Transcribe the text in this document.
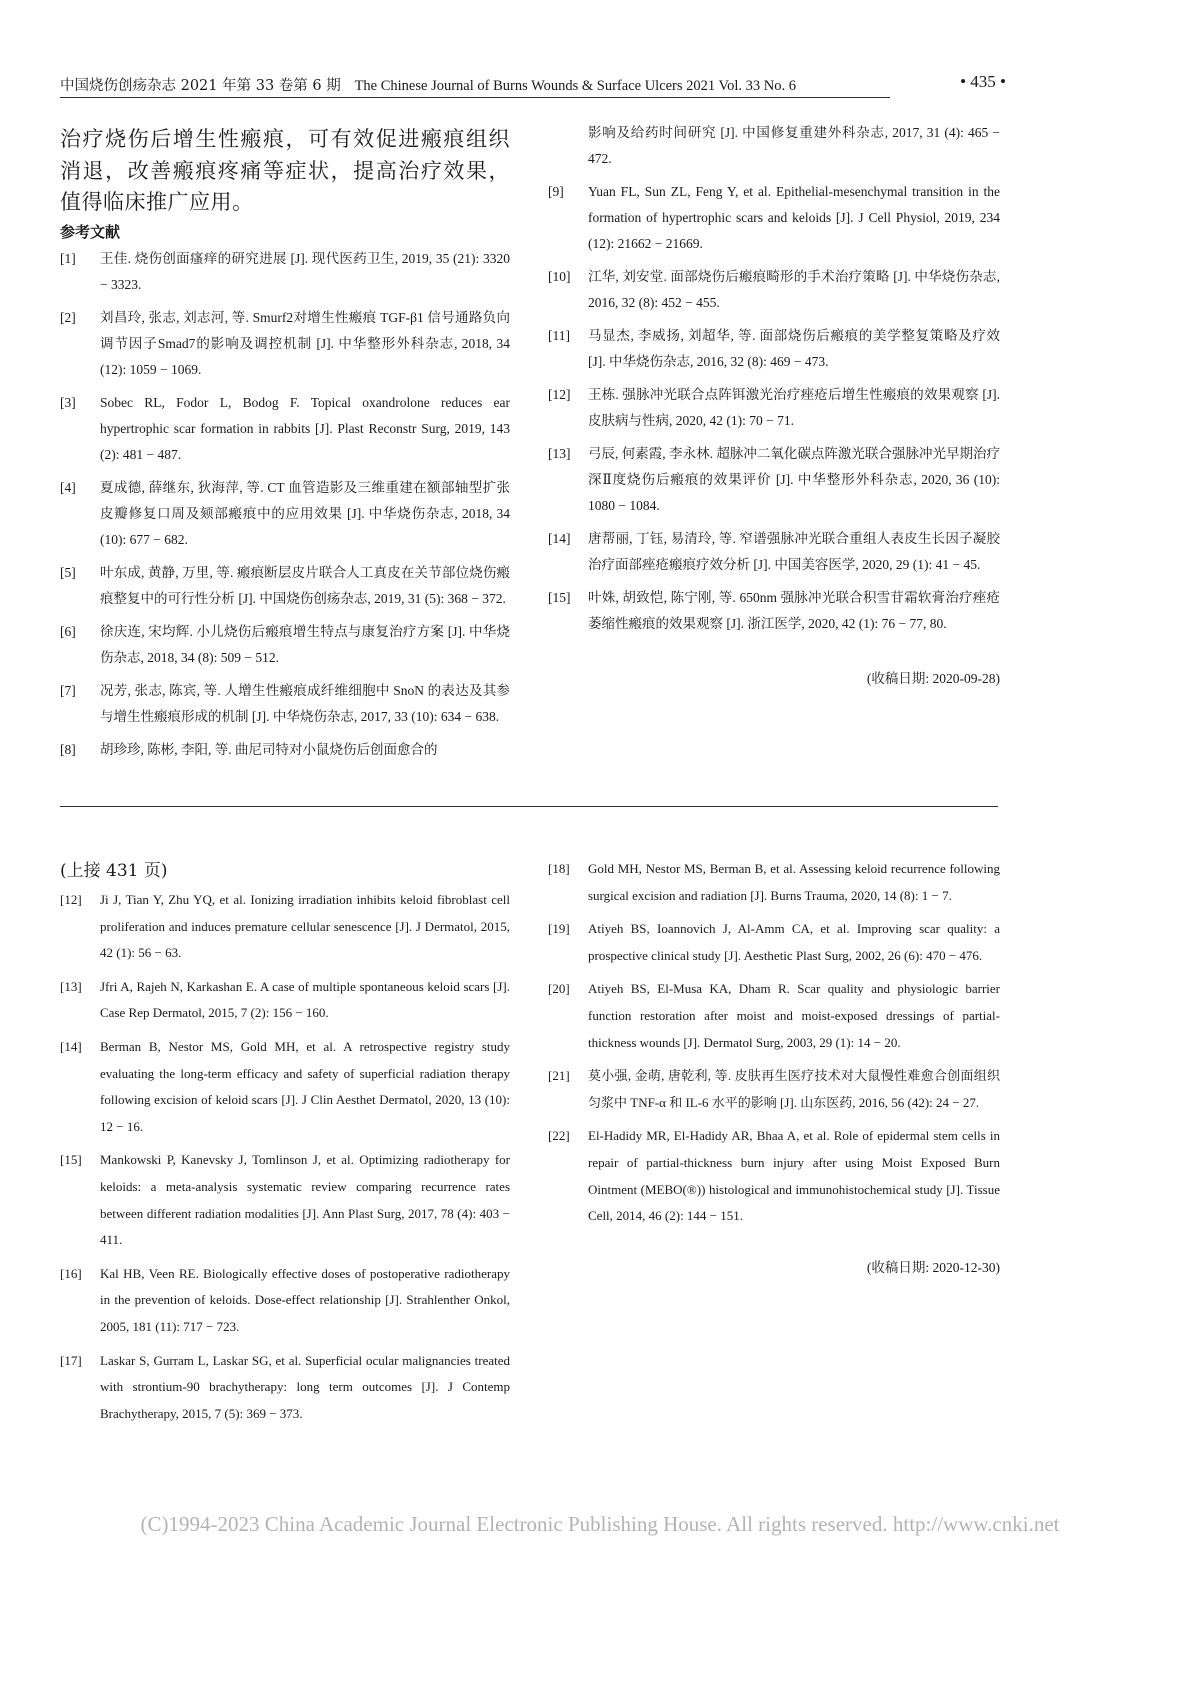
中国烧伤创疡杂志 2021 年第 33 卷第 6 期 The Chinese Journal of Burns Wounds & Surface Ulcers 2021 Vol. 33 No. 6	• 435 •

治疗烧伤后增生性瘢痕，可有效促进瘢痕组织消退，改善瘢痕疼痛等症状，提高治疗效果，值得临床推广应用。

参考文献
[1] 王佳. 烧伤创面瘙痒的研究进展 [J]. 现代医药卫生, 2019, 35 (21): 3320 − 3323.
[2] 刘昌玲, 张志, 刘志河, 等. Smurf2对增生性瘢痕 TGF-β1 信号通路负向调节因子Smad7的影响及调控机制 [J]. 中华整形外科杂志, 2018, 34 (12): 1059 − 1069.
[3] Sobec RL, Fodor L, Bodog F. Topical oxandrolone reduces ear hypertrophic scar formation in rabbits [J]. Plast Reconstr Surg, 2019, 143 (2): 481 − 487.
[4] 夏成德, 薛继东, 狄海萍, 等. CT 血管造影及三维重建在额部轴型扩张皮瓣修复口周及颏部瘢痕中的应用效果 [J]. 中华烧伤杂志, 2018, 34 (10): 677 − 682.
[5] 叶东成, 黄静, 万里, 等. 瘢痕断层皮片联合人工真皮在关节部位烧伤瘢痕整复中的可行性分析 [J]. 中国烧伤创疡杂志, 2019, 31 (5): 368 − 372.
[6] 徐庆连, 宋均辉. 小儿烧伤后瘢痕增生特点与康复治疗方案 [J]. 中华烧伤杂志, 2018, 34 (8): 509 − 512.
[7] 况芳, 张志, 陈宾, 等. 人增生性瘢痕成纤维细胞中 SnoN 的表达及其参与增生性瘢痕形成的机制 [J]. 中华烧伤杂志, 2017, 33 (10): 634 − 638.
[8] 胡珍珍, 陈彬, 李阳, 等. 曲尼司特对小鼠烧伤后创面愈合的
影响及给药时间研究 [J]. 中国修复重建外科杂志, 2017, 31 (4): 465 − 472.
[9] Yuan FL, Sun ZL, Feng Y, et al. Epithelial-mesenchymal transition in the formation of hypertrophic scars and keloids [J]. J Cell Physiol, 2019, 234 (12): 21662 − 21669.
[10] 江华, 刘安堂. 面部烧伤后瘢痕畸形的手术治疗策略 [J]. 中华烧伤杂志, 2016, 32 (8): 452 − 455.
[11] 马显杰, 李威扬, 刘超华, 等. 面部烧伤后瘢痕的美学整复策略及疗效 [J]. 中华烧伤杂志, 2016, 32 (8): 469 − 473.
[12] 王栋. 强脉冲光联合点阵铒激光治疗痤疮后增生性瘢痕的效果观察 [J]. 皮肤病与性病, 2020, 42 (1): 70 − 71.
[13] 弓辰, 何素霞, 李永林. 超脉冲二氧化碳点阵激光联合强脉冲光早期治疗深Ⅱ度烧伤后瘢痕的效果评价 [J]. 中华整形外科杂志, 2020, 36 (10): 1080 − 1084.
[14] 唐帮丽, 丁钰, 易清玲, 等. 窄谱强脉冲光联合重组人表皮生长因子凝胶治疗面部痤疮瘢痕疗效分析 [J]. 中国美容医学, 2020, 29 (1): 41 − 45.
[15] 叶姝, 胡致恺, 陈宁刚, 等. 650nm 强脉冲光联合积雪苷霜软膏治疗痤疮萎缩性瘢痕的效果观察 [J]. 浙江医学, 2020, 42 (1): 76 − 77, 80.
(收稿日期: 2020-09-28)
(上接 431 页)
[12] Ji J, Tian Y, Zhu YQ, et al. Ionizing irradiation inhibits keloid fibroblast cell proliferation and induces premature cellular senescence [J]. J Dermatol, 2015, 42 (1): 56 − 63.
[13] Jfri A, Rajeh N, Karkashan E. A case of multiple spontaneous keloid scars [J]. Case Rep Dermatol, 2015, 7 (2): 156 − 160.
[14] Berman B, Nestor MS, Gold MH, et al. A retrospective registry study evaluating the long-term efficacy and safety of superficial radiation therapy following excision of keloid scars [J]. J Clin Aesthet Dermatol, 2020, 13 (10): 12 − 16.
[15] Mankowski P, Kanevsky J, Tomlinson J, et al. Optimizing radiotherapy for keloids: a meta-analysis systematic review comparing recurrence rates between different radiation modalities [J]. Ann Plast Surg, 2017, 78 (4): 403 − 411.
[16] Kal HB, Veen RE. Biologically effective doses of postoperative radiotherapy in the prevention of keloids. Dose-effect relationship [J]. Strahlenther Onkol, 2005, 181 (11): 717 − 723.
[17] Laskar S, Gurram L, Laskar SG, et al. Superficial ocular malignancies treated with strontium-90 brachytherapy: long term outcomes [J]. J Contemp Brachytherapy, 2015, 7 (5): 369 − 373.
[18] Gold MH, Nestor MS, Berman B, et al. Assessing keloid recurrence following surgical excision and radiation [J]. Burns Trauma, 2020, 14 (8): 1 − 7.
[19] Atiyeh BS, Ioannovich J, Al-Amm CA, et al. Improving scar quality: a prospective clinical study [J]. Aesthetic Plast Surg, 2002, 26 (6): 470 − 476.
[20] Atiyeh BS, El-Musa KA, Dham R. Scar quality and physiologic barrier function restoration after moist and moist-exposed dressings of partial-thickness wounds [J]. Dermatol Surg, 2003, 29 (1): 14 − 20.
[21] 莫小强, 金萌, 唐乾利, 等. 皮肤再生医疗技术对大鼠慢性难愈合创面组织匀浆中 TNF-α 和 IL-6 水平的影响 [J]. 山东医药, 2016, 56 (42): 24 − 27.
[22] El-Hadidy MR, El-Hadidy AR, Bhaa A, et al. Role of epidermal stem cells in repair of partial-thickness burn injury after using Moist Exposed Burn Ointment (MEBO(®)) histological and immunohistochemical study [J]. Tissue Cell, 2014, 46 (2): 144 − 151.
(收稿日期: 2020-12-30)
(C)1994-2023 China Academic Journal Electronic Publishing House. All rights reserved. http://www.cnki.net
